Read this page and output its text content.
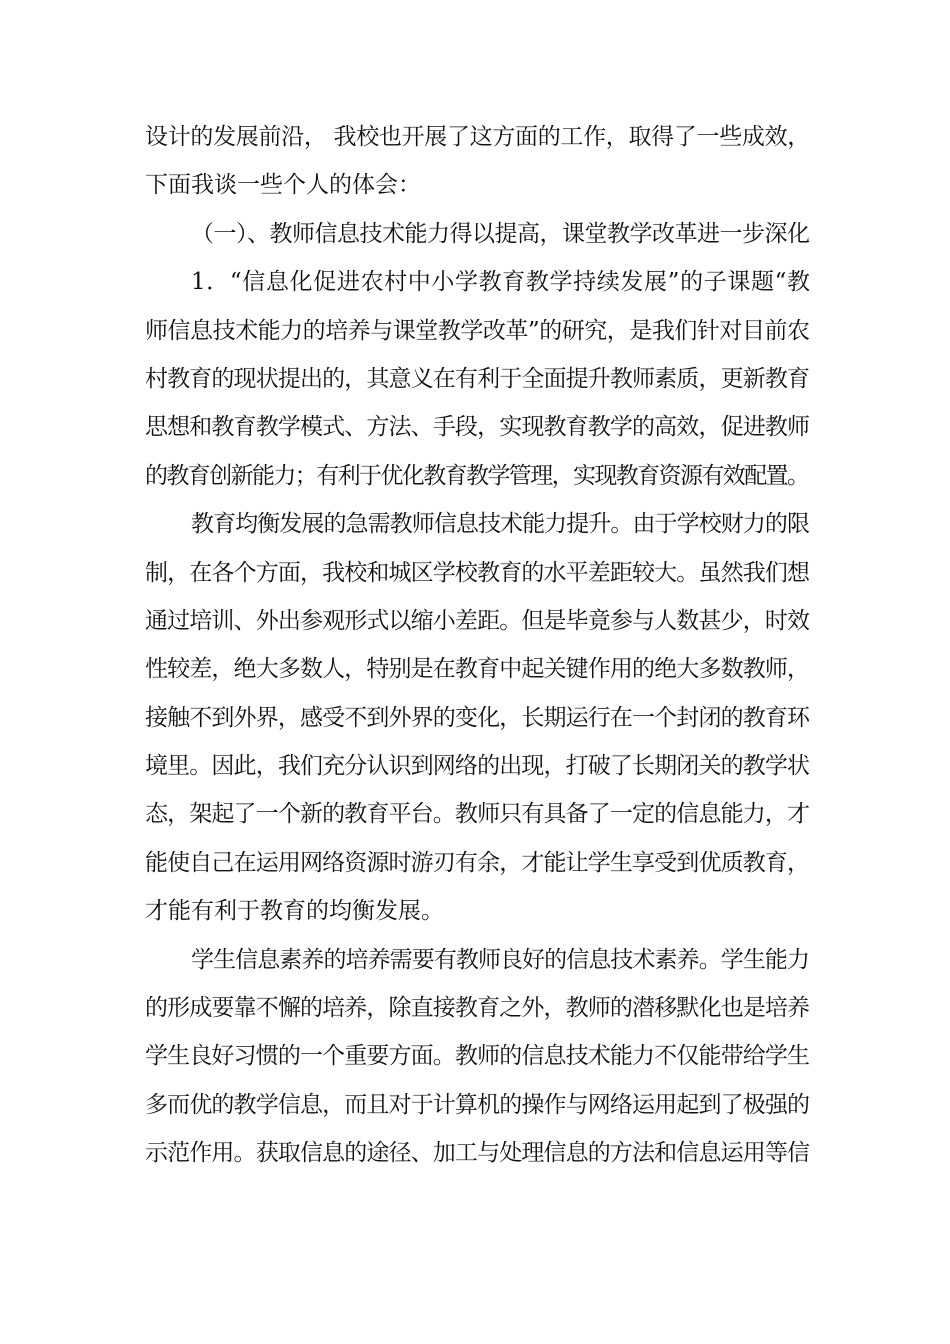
设计的发展前沿， 我校也开展了这方面的工作，取得了一些成效，
下面我谈一些个人的体会：
（一）、教师信息技术能力得以提高，课堂教学改革进一步深化
1．“信息化促进农村中小学教育教学持续发展”的子课题“教
师信息技术能力的培养与课堂教学改革”的研究，是我们针对目前农
村教育的现状提出的，其意义在有利于全面提升教师素质，更新教育
思想和教育教学模式、方法、手段，实现教育教学的高效，促进教师
的教育创新能力；有利于优化教育教学管理，实现教育资源有效配置。
教育均衡发展的急需教师信息技术能力提升。由于学校财力的限
制，在各个方面，我校和城区学校教育的水平差距较大。虽然我们想
通过培训、外出参观形式以缩小差距。但是毕竟参与人数甚少，时效
性较差，绝大多数人，特别是在教育中起关键作用的绝大多数教师，
接触不到外界，感受不到外界的变化，长期运行在一个封闭的教育环
境里。因此，我们充分认识到网络的出现，打破了长期闭关的教学状
态，架起了一个新的教育平台。教师只有具备了一定的信息能力，才
能使自己在运用网络资源时游刃有余，才能让学生享受到优质教育，
才能有利于教育的均衡发展。
学生信息素养的培养需要有教师良好的信息技术素养。学生能力
的形成要靠不懈的培养，除直接教育之外，教师的潜移默化也是培养
学生良好习惯的一个重要方面。教师的信息技术能力不仅能带给学生
多而优的教学信息，而且对于计算机的操作与网络运用起到了极强的
示范作用。获取信息的途径、加工与处理信息的方法和信息运用等信
